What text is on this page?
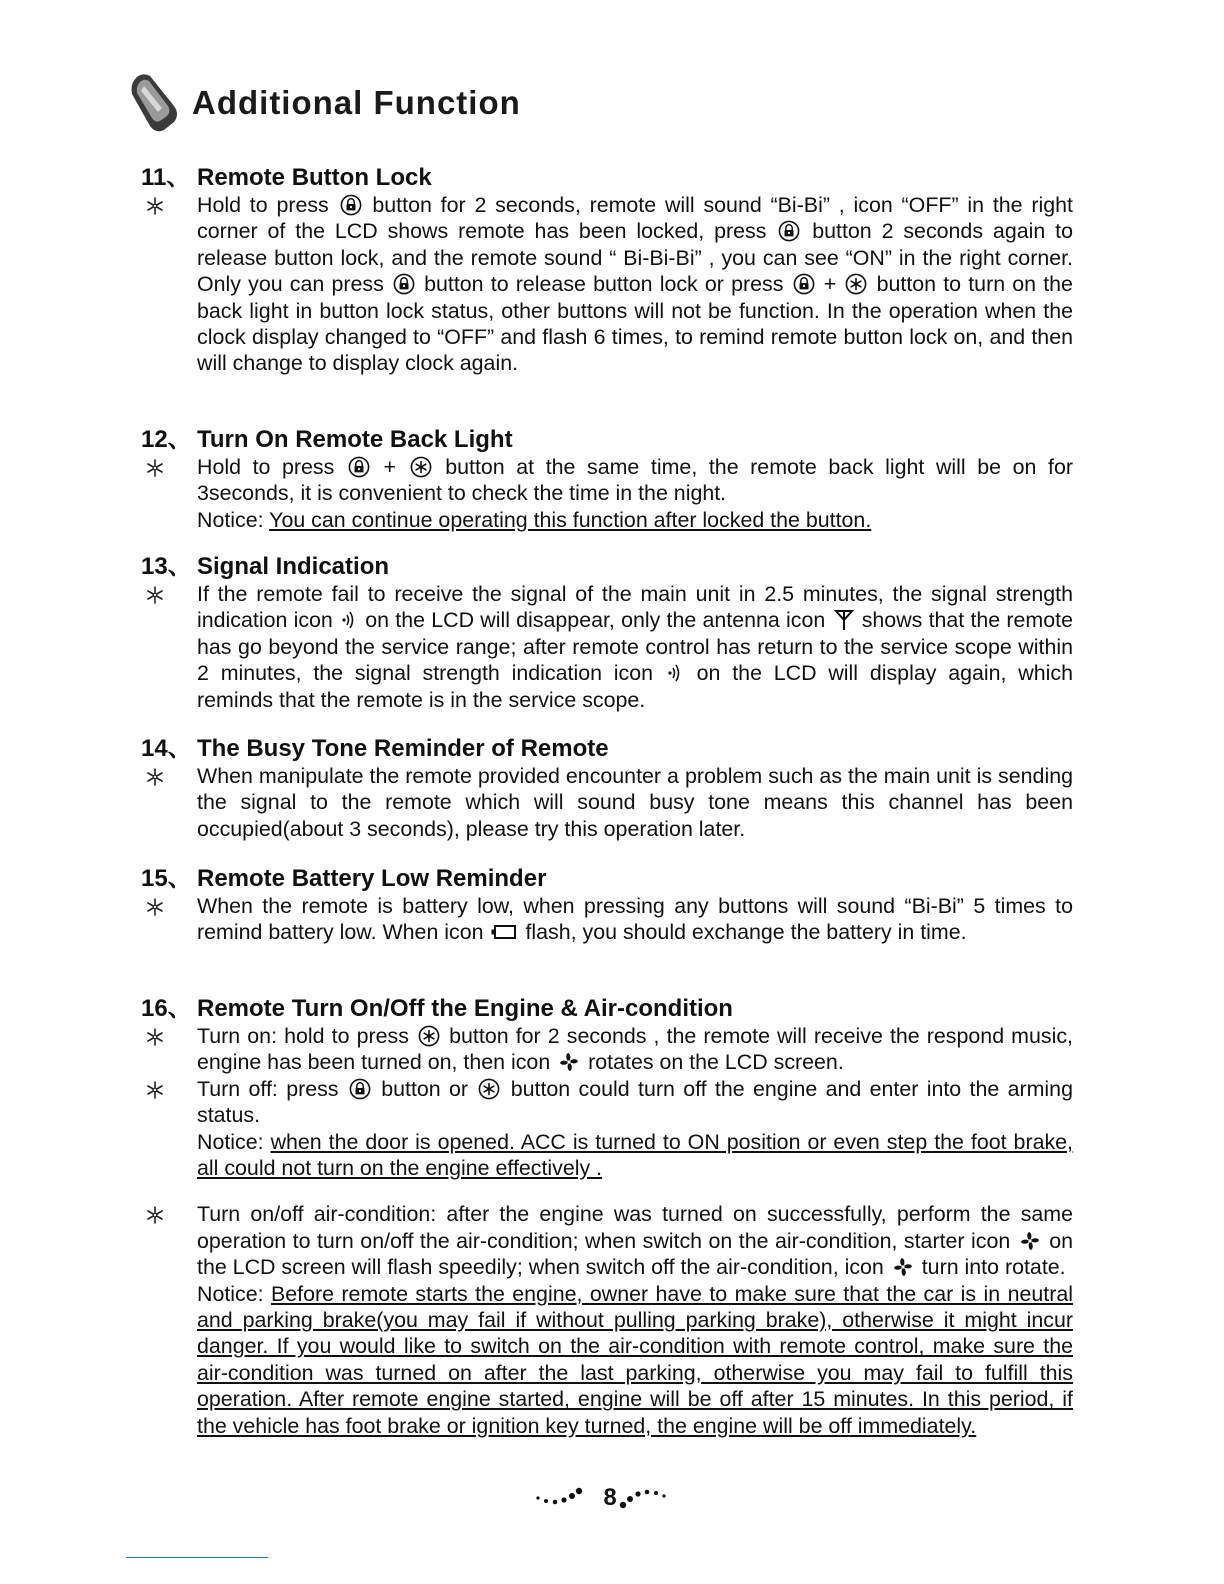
Additional Function
11、 Remote Button Lock
Hold to press button for 2 seconds, remote will sound “Bi-Bi” , icon “OFF” in the right corner of the LCD shows remote has been locked, press button 2 seconds again to release button lock, and the remote sound “ Bi-Bi-Bi” , you can see “ON” in the right corner. Only you can press button to release button lock or press + button to turn on the back light in button lock status, other buttons will not be function. In the operation when the clock display changed to “OFF” and flash 6 times, to remind remote button lock on, and then will change to display clock again.
12、 Turn On Remote Back Light
Hold to press + button at the same time, the remote back light will be on for 3seconds, it is convenient to check the time in the night.
Notice: You can continue operating this function after locked the button.
13、 Signal Indication
If the remote fail to receive the signal of the main unit in 2.5 minutes, the signal strength indication icon on the LCD will disappear, only the antenna icon shows that the remote has go beyond the service range; after remote control has return to the service scope within 2 minutes, the signal strength indication icon on the LCD will display again, which reminds that the remote is in the service scope.
14、 The Busy Tone Reminder of Remote
When manipulate the remote provided encounter a problem such as the main unit is sending the signal to the remote which will sound busy tone means this channel has been occupied(about 3 seconds), please try this operation later.
15、 Remote Battery Low Reminder
When the remote is battery low, when pressing any buttons will sound “Bi-Bi” 5 times to remind battery low. When icon flash, you should exchange the battery in time.
16、 Remote Turn On/Off the Engine & Air-condition
Turn on: hold to press button for 2 seconds , the remote will receive the respond music, engine has been turned on, then icon rotates on the LCD screen.
Turn off: press button or button could turn off the engine and enter into the arming status.
Notice: when the door is opened. ACC is turned to ON position or even step the foot brake, all could not turn on the engine effectively .
Turn on/off air-condition: after the engine was turned on successfully, perform the same operation to turn on/off the air-condition; when switch on the air-condition, starter icon on the LCD screen will flash speedily; when switch off the air-condition, icon turn into rotate.
Notice: Before remote starts the engine, owner have to make sure that the car is in neutral and parking brake(you may fail if without pulling parking brake), otherwise it might incur danger. If you would like to switch on the air-condition with remote control, make sure the air-condition was turned on after the last parking, otherwise you may fail to fulfill this operation. After remote engine started, engine will be off after 15 minutes. In this period, if the vehicle has foot brake or ignition key turned, the engine will be off immediately.
8
